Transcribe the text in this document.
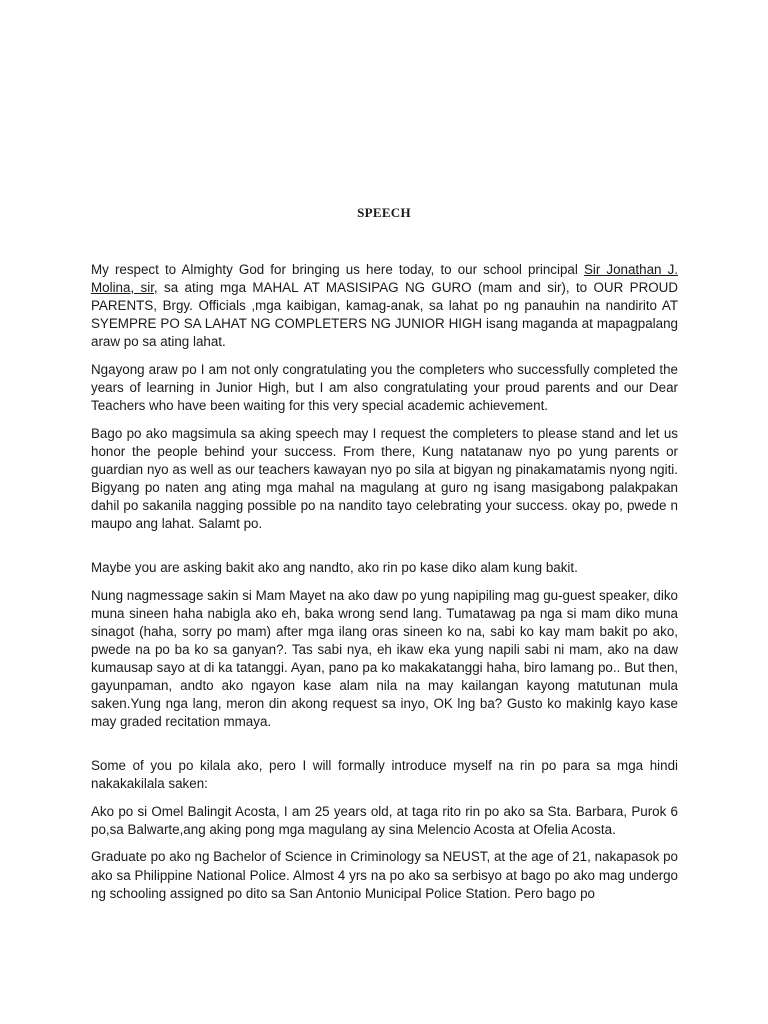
SPEECH

My respect to Almighty God for bringing us here today, to our school principal Sir Jonathan J. Molina, sir, sa ating mga MAHAL AT MASISIPAG NG GURO (mam and sir), to OUR PROUD PARENTS, Brgy. Officials ,mga kaibigan, kamag-anak, sa lahat po ng panauhin na nandirito AT SYEMPRE PO SA LAHAT NG COMPLETERS NG JUNIOR HIGH isang maganda at mapagpalang araw po sa ating lahat.

Ngayong araw po I am not only congratulating you the completers who successfully completed the years of learning in Junior High, but I am also congratulating your proud parents and our Dear Teachers who have been waiting for this very special academic achievement.

Bago po ako magsimula sa aking speech may I request the completers to please stand and let us honor the people behind your success. From there, Kung natatanaw nyo po yung parents or guardian nyo as well as our teachers kawayan nyo po sila at bigyan ng pinakamatamis nyong ngiti. Bigyang po naten ang ating mga mahal na magulang at guro ng isang masigabong palakpakan dahil po sakanila nagging possible po na nandito tayo celebrating your success. okay po, pwede n maupo ang lahat. Salamt po.

Maybe you are asking bakit ako ang nandto, ako rin po kase diko alam kung bakit.

Nung nagmessage sakin si Mam Mayet na ako daw po yung napipiling mag gu-guest speaker, diko muna sineen haha nabigla ako eh, baka wrong send lang. Tumatawag pa nga si mam diko muna sinagot (haha, sorry po mam) after mga ilang oras sineen ko na, sabi ko kay mam bakit po ako, pwede na po ba ko sa ganyan?. Tas sabi nya, eh ikaw eka yung napili sabi ni mam, ako na daw kumausap sayo at di ka tatanggi. Ayan, pano pa ko makakatanggi haha, biro lamang po.. But then, gayunpaman, andto ako ngayon kase alam nila na may kailangan kayong matutunan mula saken.Yung nga lang, meron din akong request sa inyo, OK lng ba? Gusto ko makinlg kayo kase may graded recitation mmaya.

Some of you po kilala ako, pero I will formally introduce myself na rin po para sa mga hindi nakakakilala saken:

Ako po si Omel Balingit Acosta, I am 25 years old, at taga rito rin po ako sa Sta. Barbara, Purok 6 po,sa Balwarte,ang aking pong mga magulang ay sina Melencio Acosta at Ofelia Acosta.

Graduate po ako ng Bachelor of Science in Criminology sa NEUST, at the age of 21, nakapasok po ako sa Philippine National Police. Almost 4 yrs na po ako sa serbisyo at bago po ako mag undergo ng schooling assigned po dito sa San Antonio Municipal Police Station. Pero bago po
